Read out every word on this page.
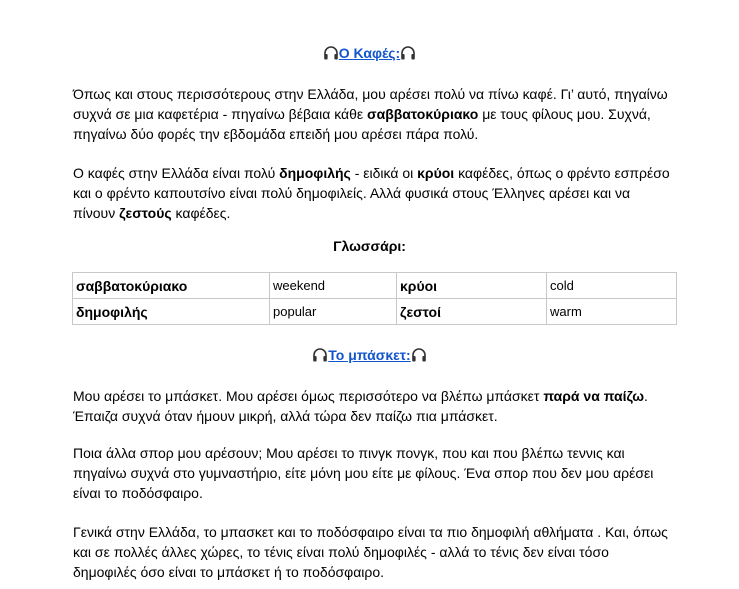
Ο Καφές:

Όπως και στους περισσότερους στην Ελλάδα, μου αρέσει πολύ να πίνω καφέ. Γι’ αυτό, πηγαίνω συχνά σε μια καφετέρια - πηγαίνω βέβαια κάθε σαββατοκύριακο με τους φίλους μου. Συχνά, πηγαίνω δύο φορές την εβδομάδα επειδή μου αρέσει πάρα πολύ.

Ο καφές στην Ελλάδα είναι πολύ δημοφιλής - ειδικά οι κρύοι καφέδες, όπως ο φρέντο εσπρέσο και ο φρέντο καπουτσίνο είναι πολύ δημοφιλείς. Αλλά φυσικά στους Έλληνες αρέσει και να πίνουν ζεστούς καφέδες.

Γλωσσάρι:
σαββατοκύριακο	weekend	κρύοι	cold
δημοφιλής	popular	ζεστοί	warm
Το μπάσκετ:

Μου αρέσει το μπάσκετ. Μου αρέσει όμως περισσότερο να βλέπω μπάσκετ παρά να παίζω. Έπαιζα συχνά όταν ήμουν μικρή, αλλά τώρα δεν παίζω πια μπάσκετ.

Ποια άλλα σπορ μου αρέσουν; Μου αρέσει το πινγκ πονγκ, που και που βλέπω τεννις και πηγαίνω συχνά στο γυμναστήριο, είτε μόνη μου είτε με φίλους. Ένα σπορ που δεν μου αρέσει είναι το ποδόσφαιρο.

Γενικά στην Ελλάδα, το μπασκετ και το ποδόσφαιρο είναι τα πιο δημοφιλή αθλήματα . Και, όπως και σε πολλές άλλες χώρες, το τένις είναι πολύ δημοφιλές - αλλά το τένις δεν είναι τόσο δημοφιλές όσο είναι το μπάσκετ ή το ποδόσφαιρο.
